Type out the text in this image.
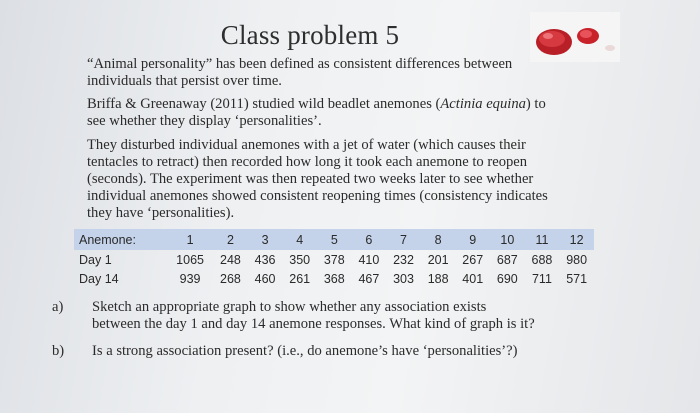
Class problem 5
“Animal personality” has been defined as consistent differences between
individuals that persist over time.
Briffa & Greenaway (2011) studied wild beadlet anemones (Actinia equina) to
see whether they display ‘personalities’.
They disturbed individual anemones with a jet of water (which causes their
tentacles to retract) then recorded how long it took each anemone to reopen
(seconds). The experiment was then repeated two weeks later to see whether
individual anemones showed consistent reopening times (consistency indicates
they have ‘personalities).
Anemone:	1	2	3	4	5	6	7	8	9	10	11	12
Day 1	1065	248	436	350	378	410	232	201	267	687	688	980
Day 14	939	268	460	261	368	467	303	188	401	690	711	571
a)	Sketch an appropriate graph to show whether any association exists
between the day 1 and day 14 anemone responses. What kind of graph is it?
b)	Is a strong association present? (i.e., do anemone’s have ‘personalities’?)
